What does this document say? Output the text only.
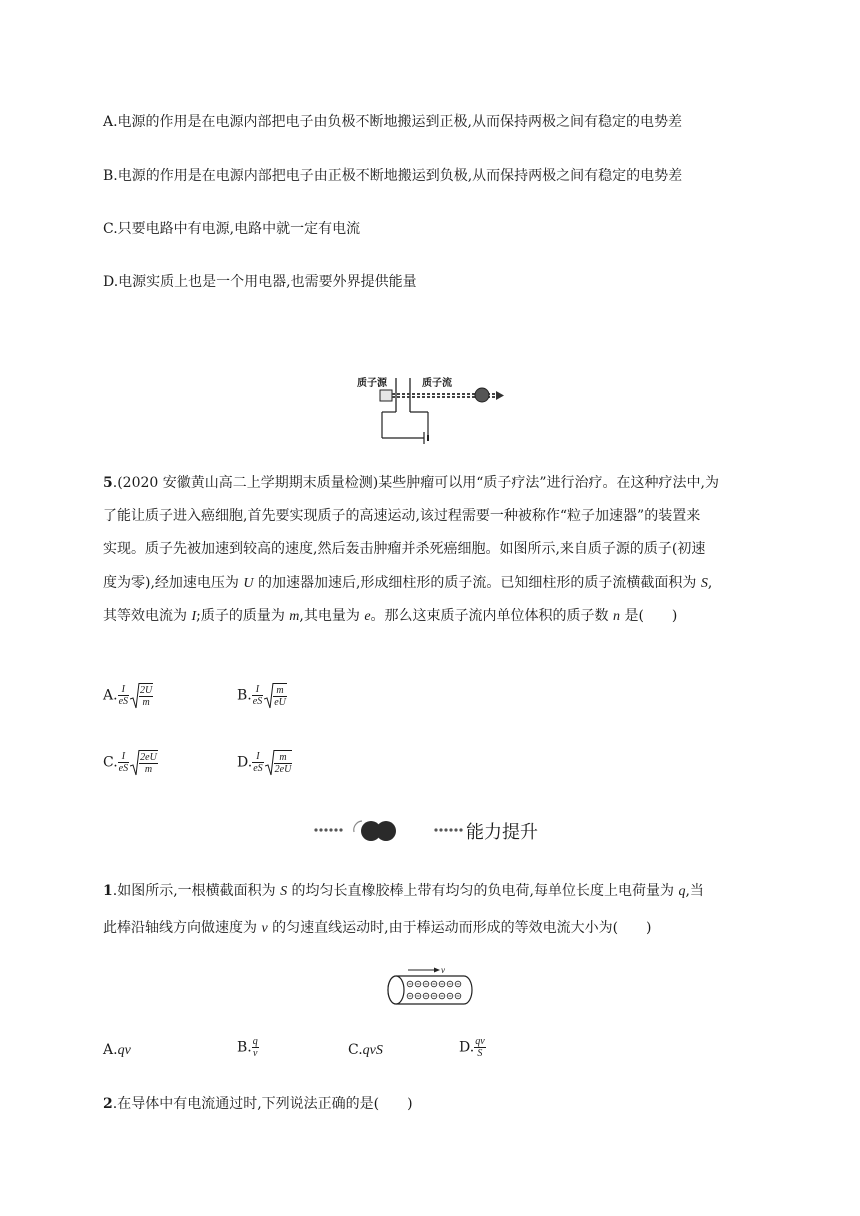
A.电源的作用是在电源内部把电子由负极不断地搬运到正极,从而保持两极之间有稳定的电势差
B.电源的作用是在电源内部把电子由正极不断地搬运到负极,从而保持两极之间有稳定的电势差
C.只要电路中有电源,电路中就一定有电流
D.电源实质上也是一个用电器,也需要外界提供能量
质子源	质子流
5.(2020 安徽黄山高二上学期期末质量检测)某些肿瘤可以用“质子疗法”进行治疗。在这种疗法中,为
了能让质子进入癌细胞,首先要实现质子的高速运动,该过程需要一种被称作“粒子加速器”的装置来
实现。质子先被加速到较高的速度,然后轰击肿瘤并杀死癌细胞。如图所示,来自质子源的质子(初速
度为零),经加速电压为 U 的加速器加速后,形成细柱形的质子流。已知细柱形的质子流横截面积为 S,
其等效电流为 I;质子的质量为 m,其电量为 e。那么这束质子流内单位体积的质子数 n 是(　　)
A. $\frac{I}{eS} \frac{2U}{m}$	B. $\frac{I}{eS} \frac{m}{eU}$
C. $\frac{I}{eS} \frac{2eU}{m}$	D. $\frac{I}{eS} \frac{m}{2eU}$
能力提升
1.如图所示,一根横截面积为 S 的均匀长直橡胶棒上带有均匀的负电荷,每单位长度上电荷量为 q,当
此棒沿轴线方向做速度为 v 的匀速直线运动时,由于棒运动而形成的等效电流大小为(　　)
v
A.qv	B. $\frac{q}{v}$	C.qvS	D. $\frac{qv}{S}$
2.在导体中有电流通过时,下列说法正确的是(　　)
